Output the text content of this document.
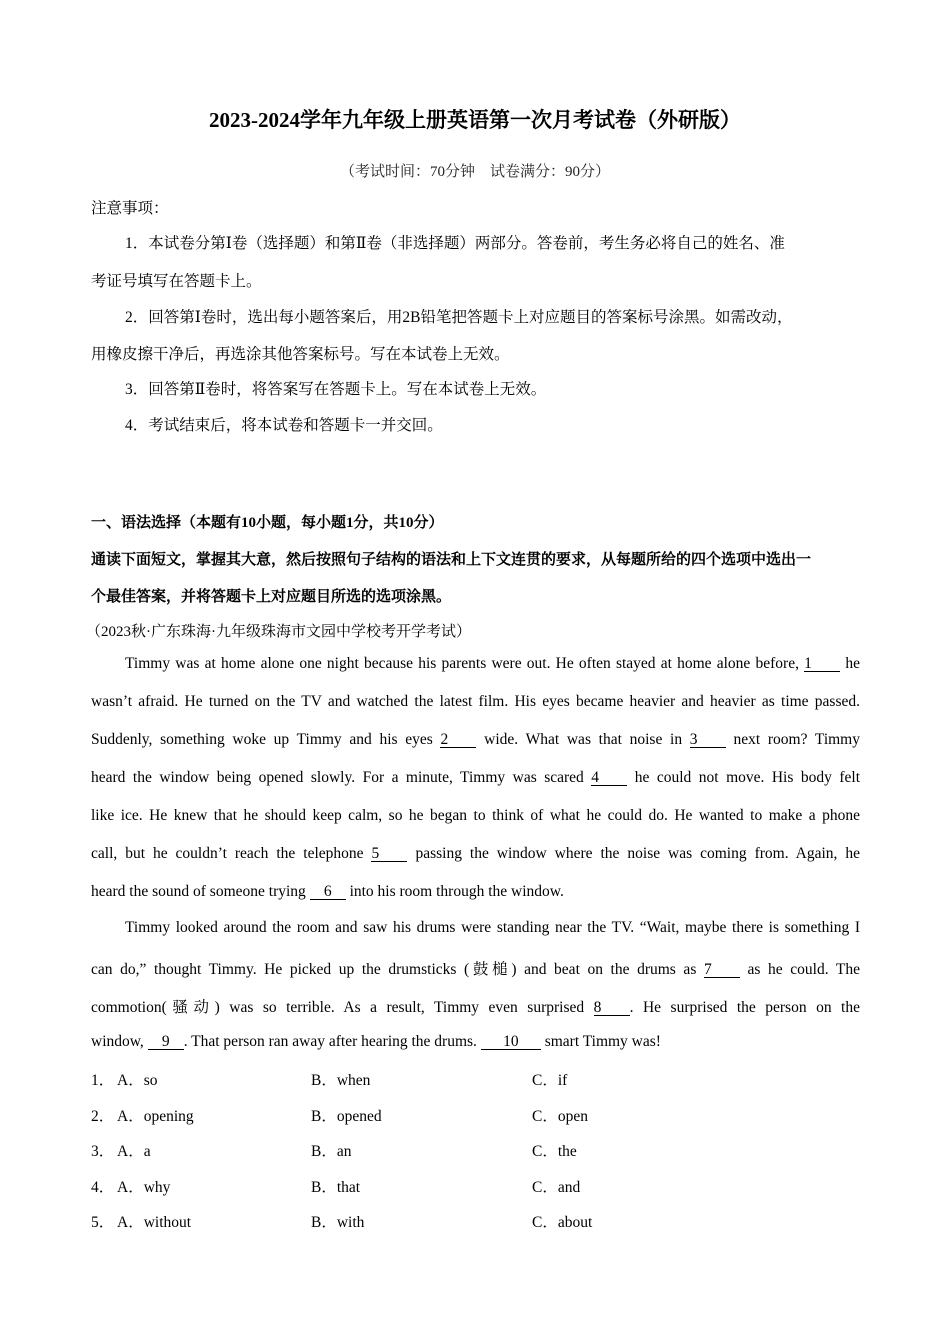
2023-2024学年九年级上册英语第一次月考试卷（外研版）
（考试时间：70分钟　试卷满分：90分）
注意事项：
1．本试卷分第Ⅰ卷（选择题）和第Ⅱ卷（非选择题）两部分。答卷前，考生务必将自己的姓名、准
考证号填写在答题卡上。
2．回答第Ⅰ卷时，选出每小题答案后，用2B铅笔把答题卡上对应题目的答案标号涂黑。如需改动，
用橡皮擦干净后，再选涂其他答案标号。写在本试卷上无效。
3．回答第Ⅱ卷时，将答案写在答题卡上。写在本试卷上无效。
4．考试结束后，将本试卷和答题卡一并交回。
一、语法选择（本题有10小题，每小题1分，共10分）
通读下面短文，掌握其大意，然后按照句子结构的语法和上下文连贯的要求，从每题所给的四个选项中选出一
个最佳答案，并将答题卡上对应题目所选的选项涂黑。
（2023秋·广东珠海·九年级珠海市文园中学校考开学考试）
Timmy was at home alone one night because his parents were out. He often stayed at home alone before, 1 he
wasn’t afraid. He turned on the TV and watched the latest film. His eyes became heavier and heavier as time passed.
Suddenly, something woke up Timmy and his eyes 2 wide. What was that noise in 3 next room? Timmy
heard the window being opened slowly. For a minute, Timmy was scared 4 he could not move. His body felt
like ice. He knew that he should keep calm, so he began to think of what he could do. He wanted to make a phone
call, but he couldn’t reach the telephone 5 passing the window where the noise was coming from. Again, he
heard the sound of someone trying 6 into his room through the window.
Timmy looked around the room and saw his drums were standing near the TV. “Wait, maybe there is something I
can do,” thought Timmy. He picked up the drumsticks (鼓槌) and beat on the drums as 7 as he could. The
commotion(骚动) was so terrible. As a result, Timmy even surprised 8 . He surprised the person on the
window, 9 . That person ran away after hearing the drums. 10 smart Timmy was!
1． A．so	B．when	C．if
2． A．opening	B．opened	C．open
3． A．a	B．an	C．the
4． A．why	B．that	C．and
5． A．without	B．with	C．about
